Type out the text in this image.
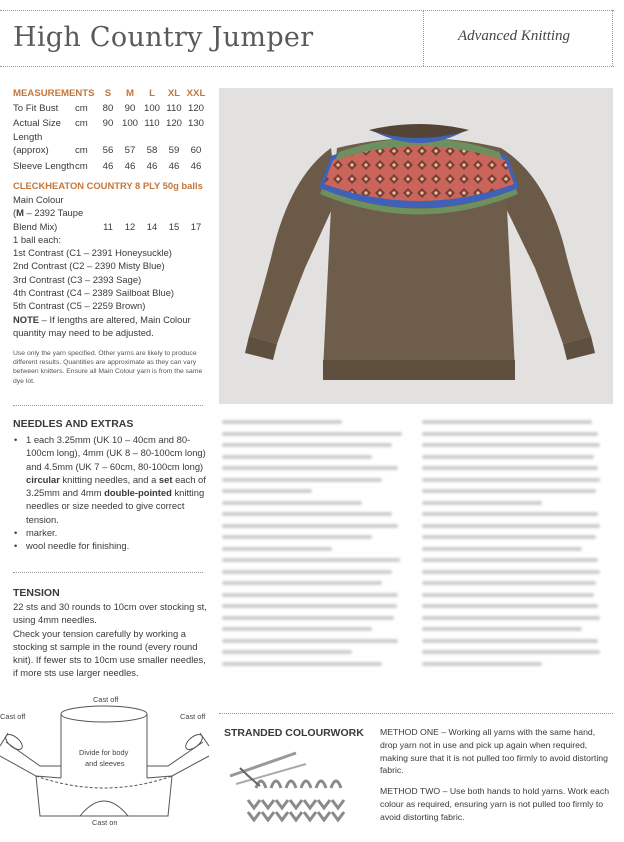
High Country Jumper	Advanced Knitting
MEASUREMENTS	S	M	L	XL	XXL
To Fit Bust cm	80	90	100	110	120
Actual Size cm	90	100	110	120	130
Length (approx) cm	56	57	58	59	60
Sleeve Lengthcm	46	46	46	46	46
CLECKHEATON COUNTRY 8 PLY 50g balls
Main Colour
(M – 2392 Taupe
Blend Mix)	11	12	14	15	17
1 ball each:
1st Contrast (C1 – 2391 Honeysuckle)
2nd Contrast (C2 – 2390 Misty Blue)
3rd Contrast (C3 – 2393 Sage)
4th Contrast (C4 – 2389 Sailboat Blue)
5th Contrast (C5 – 2259 Brown)
NOTE – If lengths are altered, Main Colour quantity may need to be adjusted.
Use only the yarn specified. Other yarns are likely to produce different results. Quantities are approximate as they can vary between knitters. Ensure all Main Colour yarn is from the same dye lot.
NEEDLES AND EXTRAS
• 1 each 3.25mm (UK 10 – 40cm and 80-100cm long), 4mm (UK 8 – 80-100cm long) and 4.5mm (UK 7 – 60cm, 80-100cm long) circular knitting needles, and a set each of 3.25mm and 4mm double-pointed knitting needles or size needed to give correct tension.
• marker.
• wool needle for finishing.
TENSION
22 sts and 30 rounds to 10cm over stocking st, using 4mm needles.
Check your tension carefully by working a stocking st sample in the round (every round knit). If fewer sts to 10cm use smaller needles, if more sts use larger needles.
Cast off
Cast off	Cast off
Divide for body
and sleeves
Cast on
STRANDED COLOURWORK METHOD ONE – Working all yarns with the same hand, drop yarn not in use and pick up again when required, making sure that it is not pulled too firmly to avoid distorting fabric.
METHOD TWO – Use both hands to hold yarns. Work each colour as required, ensuring yarn is not pulled too firmly to avoid distorting fabric.
